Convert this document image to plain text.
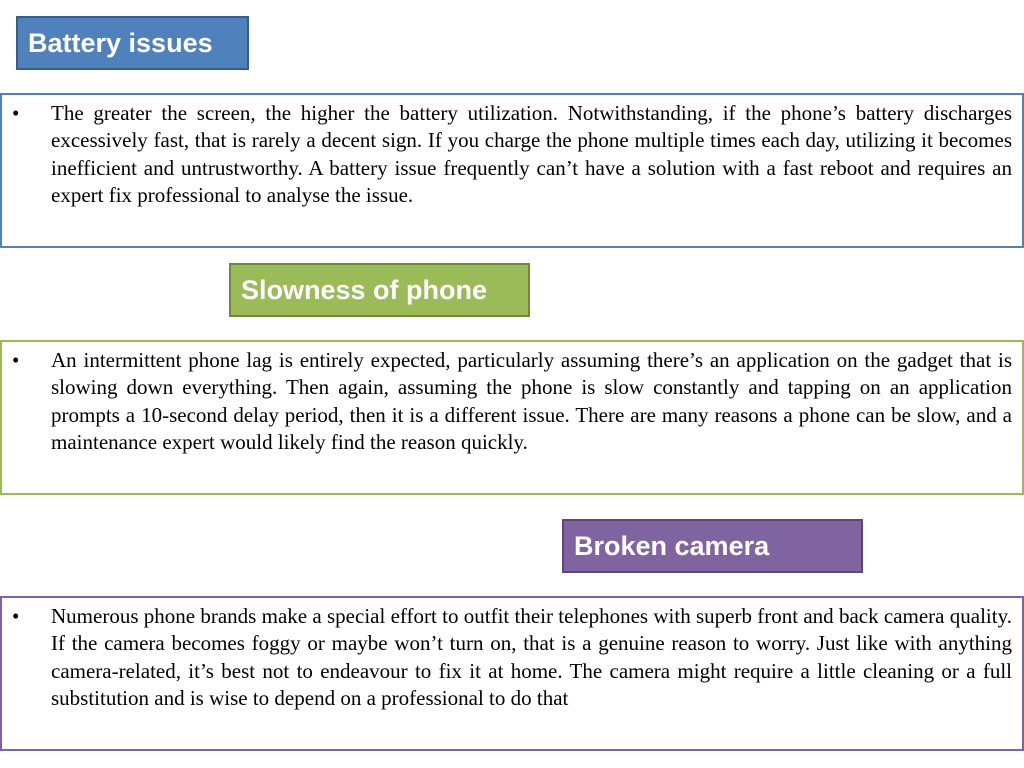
Battery issues
•	The greater the screen, the higher the battery utilization. Notwithstanding, if the phone’s battery discharges excessively fast, that is rarely a decent sign. If you charge the phone multiple times each day, utilizing it becomes inefficient and untrustworthy. A battery issue frequently can’t have a solution with a fast reboot and requires an expert fix professional to analyse the issue.
Slowness of phone
•	An intermittent phone lag is entirely expected, particularly assuming there’s an application on the gadget that is slowing down everything. Then again, assuming the phone is slow constantly and tapping on an application prompts a 10-second delay period, then it is a different issue. There are many reasons a phone can be slow, and a maintenance expert would likely find the reason quickly.
Broken camera
•	Numerous phone brands make a special effort to outfit their telephones with superb front and back camera quality. If the camera becomes foggy or maybe won’t turn on, that is a genuine reason to worry. Just like with anything camera-related, it’s best not to endeavour to fix it at home. The camera might require a little cleaning or a full substitution and is wise to depend on a professional to do that
